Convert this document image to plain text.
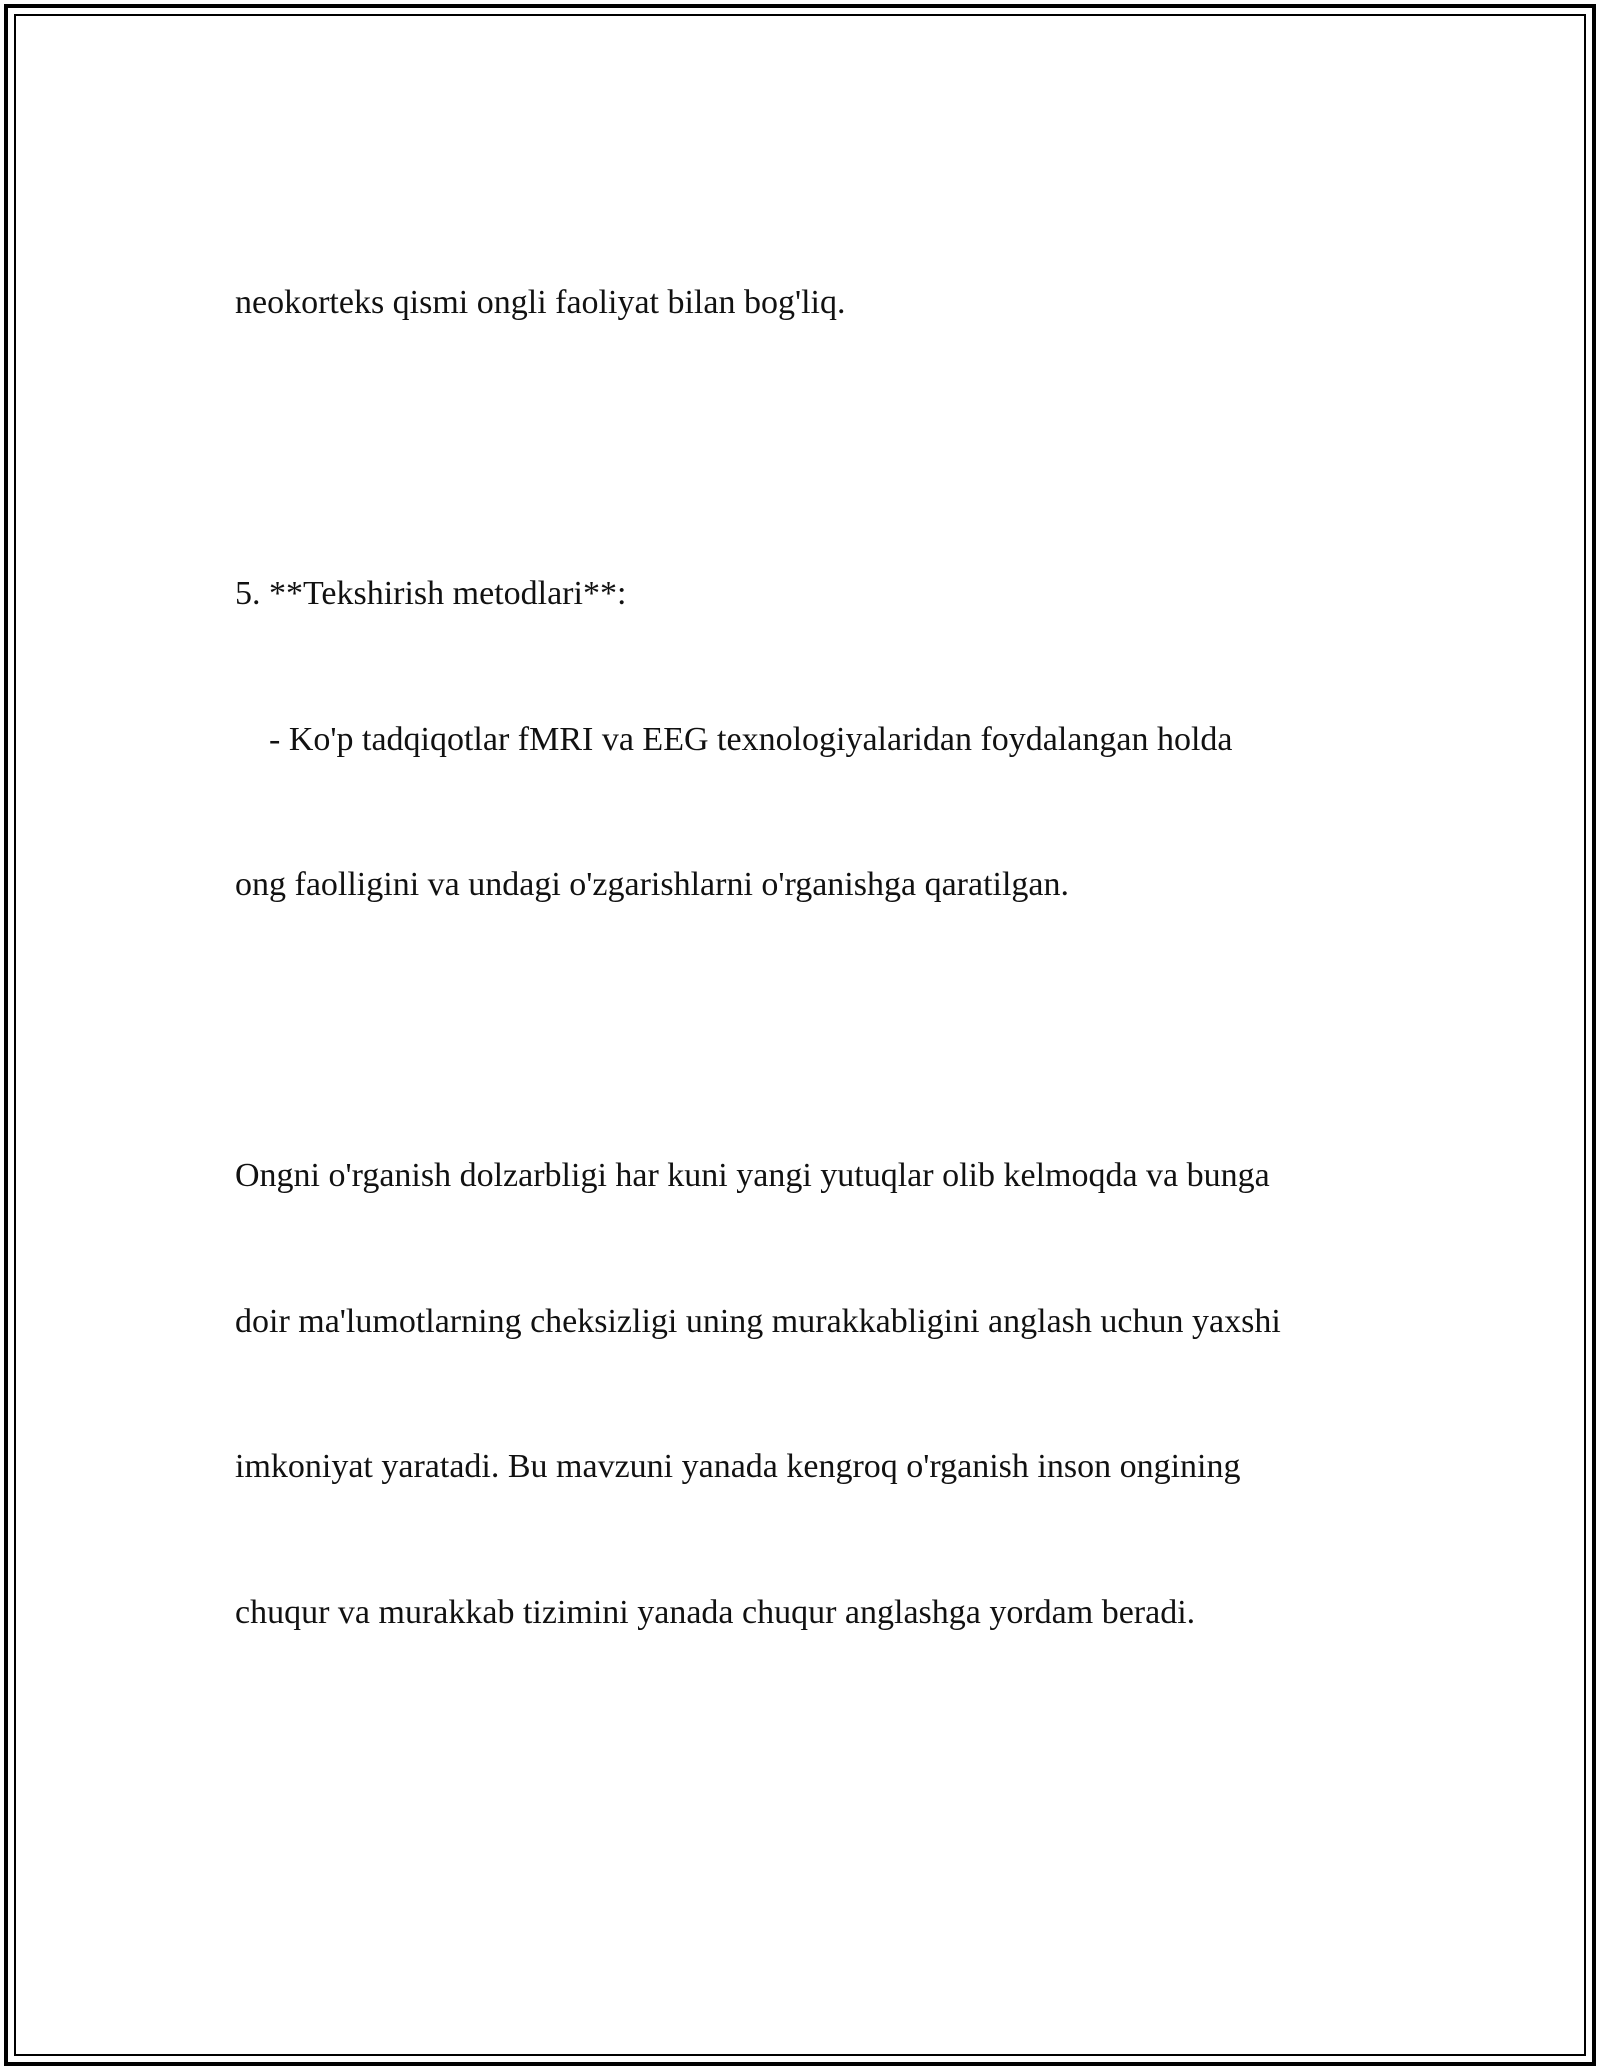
neokorteks qismi ongli faoliyat bilan bog'liq.

5. **Tekshirish metodlari**:

- Ko'p tadqiqotlar fMRI va EEG texnologiyalaridan foydalangan holda

ong faolligini va undagi o'zgarishlarni o'rganishga qaratilgan.

Ongni o'rganish dolzarbligi har kuni yangi yutuqlar olib kelmoqda va bunga

doir ma'lumotlarning cheksizligi uning murakkabligini anglash uchun yaxshi

imkoniyat yaratadi. Bu mavzuni yanada kengroq o'rganish inson ongining

chuqur va murakkab tizimini yanada chuqur anglashga yordam beradi.
